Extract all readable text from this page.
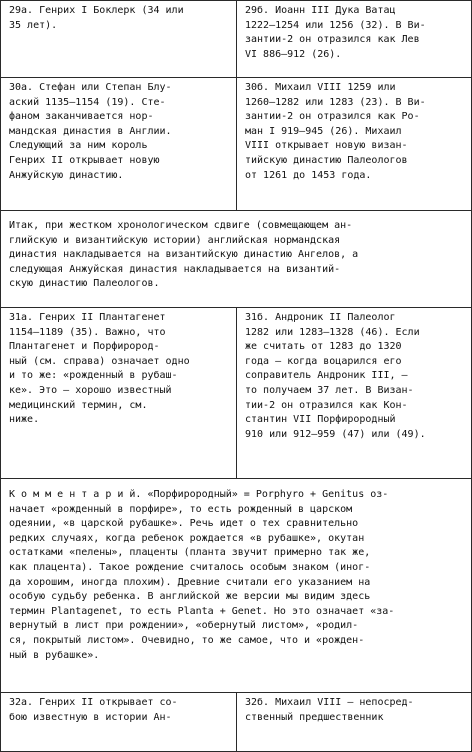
29а. Генрих I Боклерк (34 или
35 лет).
29б. Иоанн III Дука Ватац
1222–1254 или 1256 (32). В Ви-
зантии-2 он отразился как Лев
VI 886–912 (26).
30а. Стефан или Степан Блу-
аский 1135–1154 (19). Сте-
фаном заканчивается нор-
мандская династия в Англии.
Следующий за ним король
Генрих II открывает новую
Анжуйскую династию.
30б. Михаил VIII 1259 или
1260–1282 или 1283 (23). В Ви-
зантии-2 он отразился как Ро-
ман I 919–945 (26). Михаил
VIII открывает новую визан-
тийскую династию Палеологов
от 1261 до 1453 года.
Итак, при жестком хронологическом сдвиге (совмещающем ан-
глийскую и византийскую истории) английская нормандская
династия накладывается на византийскую династию Ангелов, а
следующая Анжуйская династия накладывается на византий-
скую династию Палеологов.
31а. Генрих II Плантагенет
1154–1189 (35). Важно, что
Плантагенет и Порфирород-
ный (см. справа) означает одно
и то же: «рожденный в рубаш-
ке». Это – хорошо известный
медицинский термин, см.
ниже.
31б. Андроник II Палеолог
1282 или 1283–1328 (46). Если
же считать от 1283 до 1320
года – когда воцарился его
соправитель Андроник III, –
то получаем 37 лет. В Визан-
тии-2 он отразился как Кон-
стантин VII Порфирородный
910 или 912–959 (47) или (49).
К о м м е н т а р и й. «Порфирородный» = Porphyro + Genitus оз-
начает «рожденный в порфире», то есть рожденный в царском
одеянии, «в царской рубашке». Речь идет о тех сравнительно
редких случаях, когда ребенок рождается «в рубашке», окутан
остатками «пелены», плаценты (планта звучит примерно так же,
как плацента). Такое рождение считалось особым знаком (иног-
да хорошим, иногда плохим). Древние считали его указанием на
особую судьбу ребенка. В английской же версии мы видим здесь
термин Plantagenet, то есть Planta + Genet. Но это означает «за-
вернутый в лист при рождении», «обернутый листом», «родил-
ся, покрытый листом». Очевидно, то же самое, что и «рожден-
ный в рубашке».
32а. Генрих II открывает со-
бою известную в истории Ан-
32б. Михаил VIII – непосред-
ственный предшественник
